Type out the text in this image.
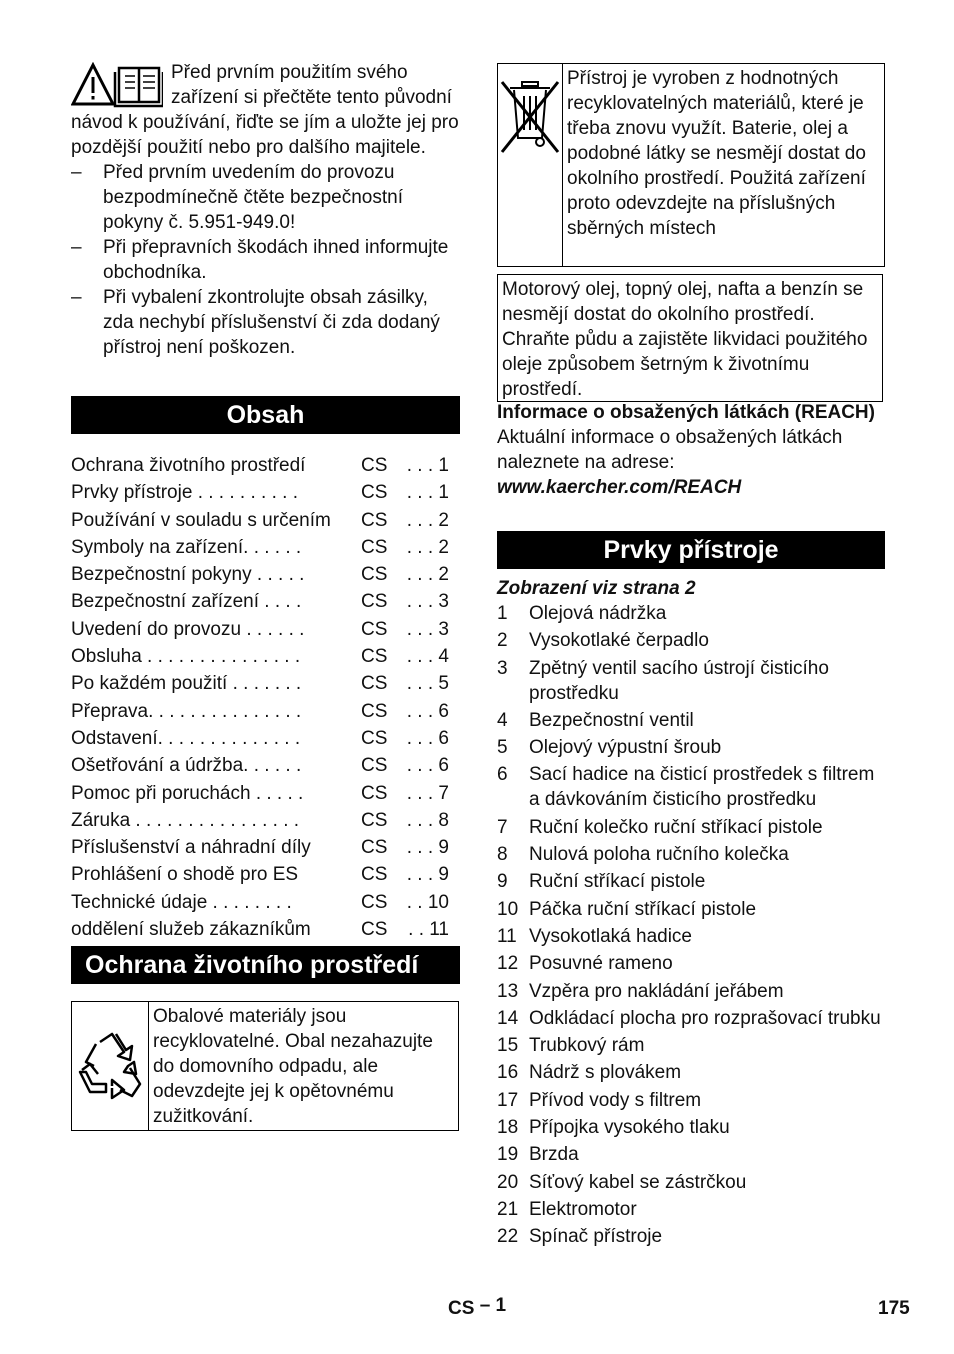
Před prvním použitím svého zařízení si přečtěte tento původní návod k používání, řiďte se jím a uložte jej pro pozdější použití nebo pro dalšího majitele.

– Před prvním uvedením do provozu bezpodmínečně čtěte bezpečnostní pokyny č. 5.951-949.0!
– Při přepravních škodách ihned informujte obchodníka.
– Při vybalení zkontrolujte obsah zásilky, zda nechybí příslušenství či zda dodaný přístroj není poškozen.
Obsah
Ochrana životního prostředí	CS	. . . 1
Prvky přístroje . . . . . . . . . .	CS	. . . 1
Používání v souladu s určením	CS	. . . 2
Symboly na zařízení. . . . . .	CS	. . . 2
Bezpečnostní pokyny . . . . .	CS	. . . 2
Bezpečnostní zařízení . . . .	CS	. . . 3
Uvedení do provozu . . . . . .	CS	. . . 3
Obsluha . . . . . . . . . . . . . . .	CS	. . . 4
Po každém použití . . . . . . .	CS	. . . 5
Přeprava. . . . . . . . . . . . . . .	CS	. . . 6
Odstavení. . . . . . . . . . . . . .	CS	. . . 6
Ošetřování a údržba. . . . . .	CS	. . . 6
Pomoc při poruchách . . . . .	CS	. . . 7
Záruka . . . . . . . . . . . . . . . .	CS	. . . 8
Příslušenství a náhradní díly	CS	. . . 9
Prohlášení o shodě pro ES	CS	. . . 9
Technické údaje . . . . . . . .	CS	. . 10
oddělení služeb zákazníkům	CS	. . 11
Ochrana životního prostředí
Obalové materiály jsou recyklovatelné. Obal nezahazujte do domovního odpadu, ale odevzdejte jej k opětovnému zužitkování.
Přístroj je vyroben z hodnotných recyklovatelných materiálů, které je třeba znovu využít. Baterie, olej a podobné látky se nesmějí dostat do okolního prostředí. Použitá zařízení proto odevzdejte na příslušných sběrných místech
Motorový olej, topný olej, nafta a benzín se nesmějí dostat do okolního prostředí. Chraňte půdu a zajistěte likvidaci použitého oleje způsobem šetrným k životnímu prostředí.

Informace o obsažených látkách (REACH)

Aktuální informace o obsažených látkách naleznete na adrese:

www.kaercher.com/REACH

Prvky přístroje

Zobrazení viz strana 2

1	Olejová nádržka
2	Vysokotlaké čerpadlo
3	Zpětný ventil sacího ústrojí čisticího prostředku
4	Bezpečnostní ventil
5	Olejový výpustní šroub
6	Sací hadice na čisticí prostředek s filtrem a dávkováním čisticího prostředku
7	Ruční kolečko ruční stříkací pistole
8	Nulová poloha ručního kolečka
9	Ruční stříkací pistole
10 Páčka ruční stříkací pistole
11 Vysokotlaká hadice
12 Posuvné rameno
13 Vzpěra pro nakládání jeřábem
14 Odkládací plocha pro rozprašovací trubku
15 Trubkový rám
16 Nádrž s plovákem
17 Přívod vody s filtrem
18 Přípojka vysokého tlaku
19 Brzda
20 Síťový kabel se zástrčkou
21 Elektromotor
22 Spínač přístroje
CS – 1	175
